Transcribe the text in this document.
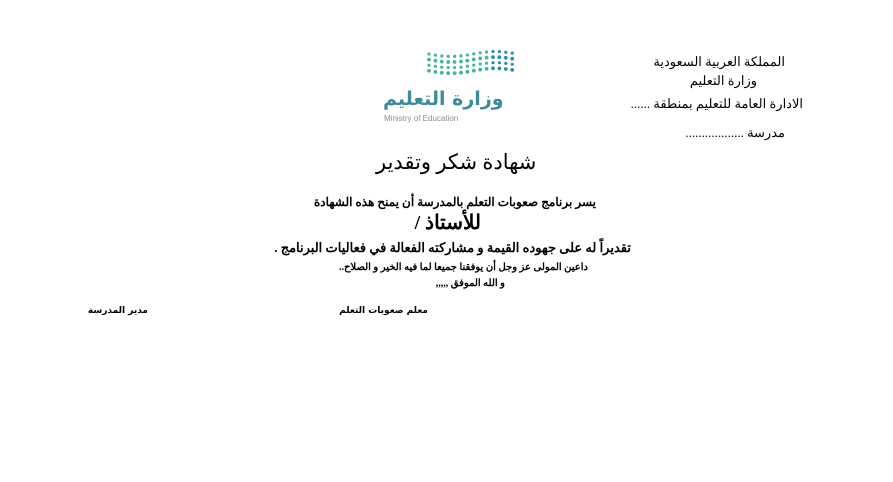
المملكة العربية السعودية
وزارة التعليم
الادارة العامة للتعليم بمنطقة ......
مدرسة ..................
وزارة التعليم
Ministry of Education
شهادة شكر وتقدير
يسر برنامج صعوبات التعلم بالمدرسة أن يمنح هذه الشهادة
للأستاذ /
تقديراً له على جهوده القيمة و مشاركته الفعالة في فعاليات البرنامج .
داعين المولى عز وجل أن يوفقنا جميعا لما فيه الخير و الصلاح..
و الله الموفق ,,,,,
معلم صعوبات التعلم
مدير المدرسة
